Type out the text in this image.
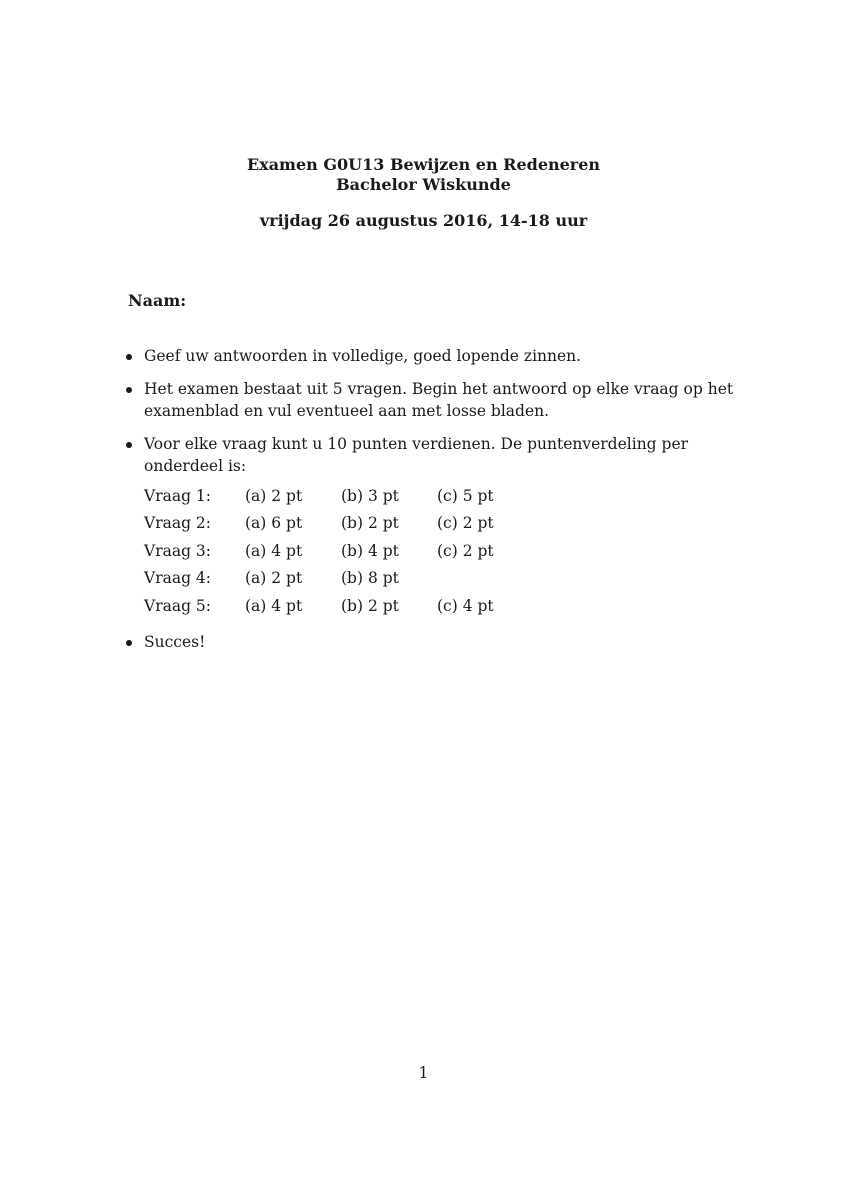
Examen G0U13 Bewijzen en Redeneren
Bachelor Wiskunde
vrijdag 26 augustus 2016, 14-18 uur
Naam:
Geef uw antwoorden in volledige, goed lopende zinnen.
Het examen bestaat uit 5 vragen. Begin het antwoord op elke vraag op het examenblad en vul eventueel aan met losse bladen.
Voor elke vraag kunt u 10 punten verdienen. De puntenverdeling per onderdeel is:
Vraag 1:	(a) 2 pt	(b) 3 pt	(c) 5 pt
Vraag 2:	(a) 6 pt	(b) 2 pt	(c) 2 pt
Vraag 3:	(a) 4 pt	(b) 4 pt	(c) 2 pt
Vraag 4:	(a) 2 pt	(b) 8 pt	
Vraag 5:	(a) 4 pt	(b) 2 pt	(c) 4 pt
Succes!
1
